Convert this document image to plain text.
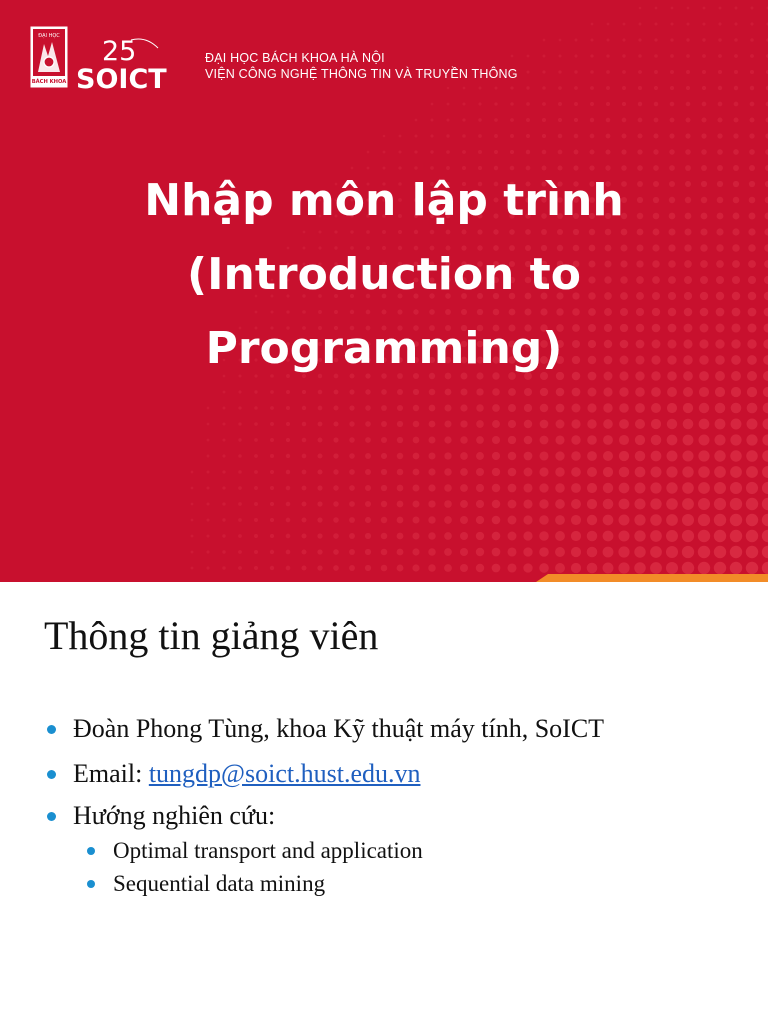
ĐẠI HỌC
BÁCH KHOA
25
SOICT
ĐẠI HỌC BÁCH KHOA HÀ NỘI
VIỆN CÔNG NGHỆ THÔNG TIN VÀ TRUYỀN THÔNG
Nhập môn lập trình
(Introduction to
Programming)
Thông tin giảng viên
Đoàn Phong Tùng, khoa Kỹ thuật máy tính, SoICT
Email: tungdp@soict.hust.edu.vn
Hướng nghiên cứu:
Optimal transport and application
Sequential data mining
